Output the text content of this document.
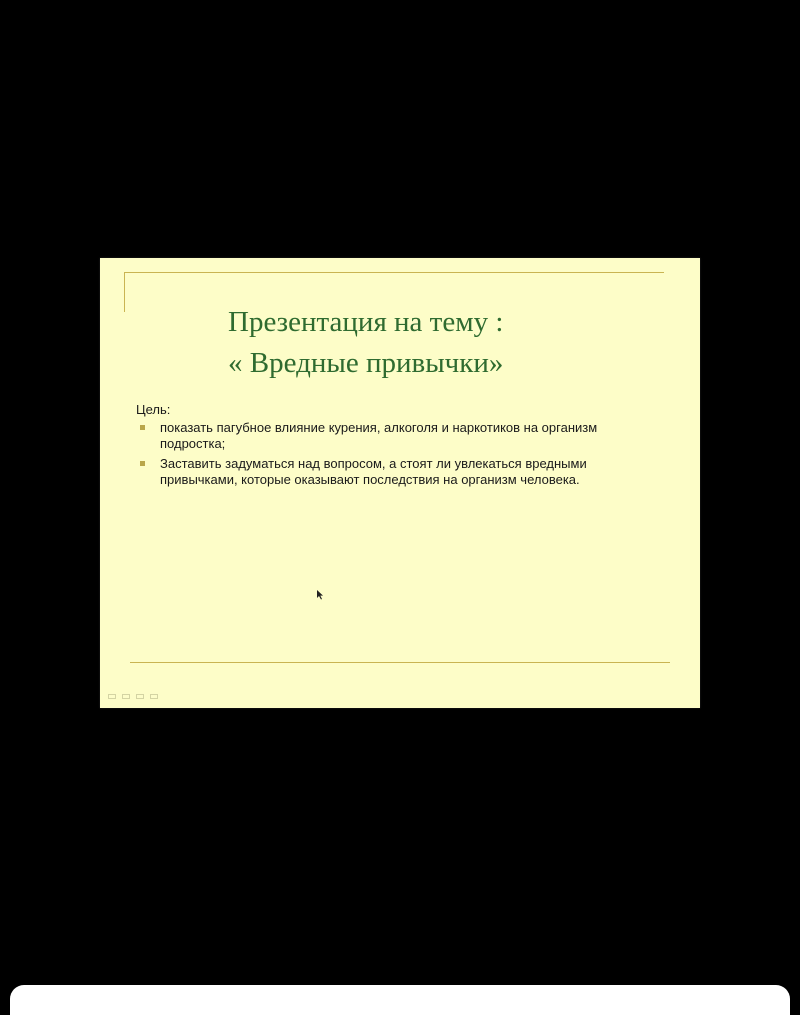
Презентация на тему :
« Вредные привычки»
Цель:
показать пагубное влияние курения, алкоголя и наркотиков на организм подростка;
Заставить задуматься над вопросом, а стоят ли увлекаться вредными привычками, которые оказывают последствия на организм человека.
